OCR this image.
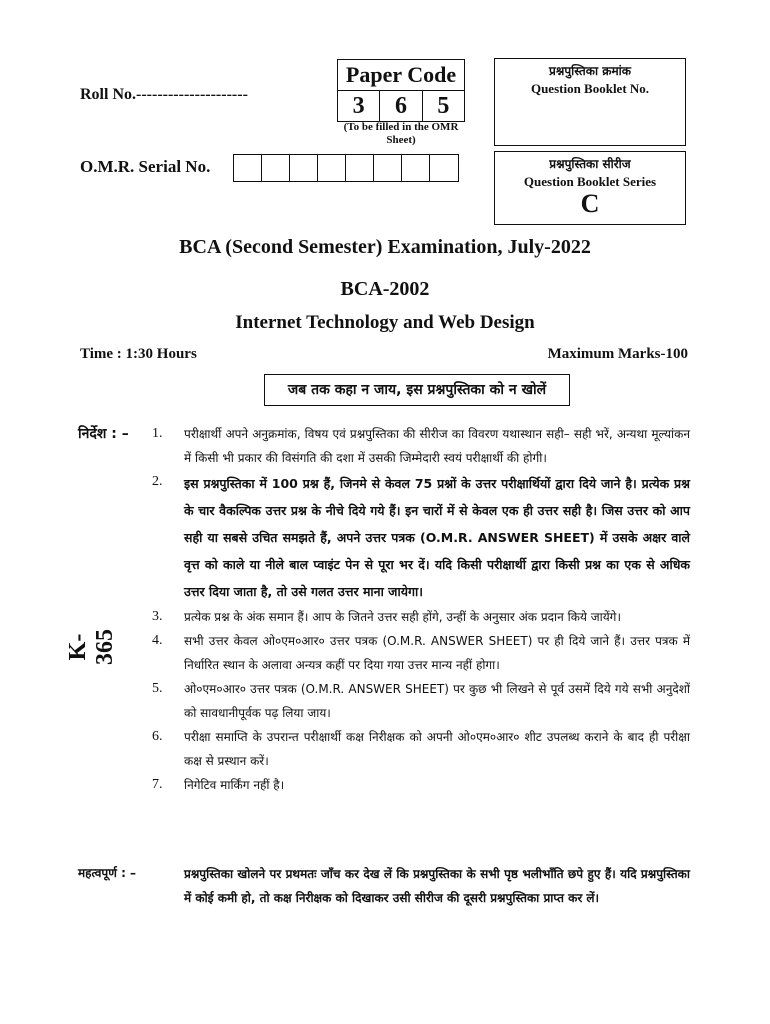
Roll No.---------------------
O.M.R. Serial No.
Paper Code
3	6	5
(To be filled in the OMR Sheet)
प्रश्नपुस्तिका क्रमांक
Question Booklet No.
प्रश्नपुस्तिका सीरीज
Question Booklet Series
C
BCA (Second Semester) Examination, July-2022
BCA-2002
Internet Technology and Web Design
Time : 1:30 Hours	Maximum Marks-100
जब तक कहा न जाय, इस प्रश्नपुस्तिका को न खोलें
K-365
निर्देश : – 1.	परीक्षार्थी अपने अनुक्रमांक, विषय एवं प्रश्नपुस्तिका की सीरीज का विवरण यथास्थान सही– सही भरें, अन्यथा मूल्यांकन में किसी भी प्रकार की विसंगति की दशा में उसकी जिम्मेदारी स्वयं परीक्षार्थी की होगी।
2.	इस प्रश्नपुस्तिका में 100 प्रश्न हैं, जिनमे से केवल 75 प्रश्नों के उत्तर परीक्षार्थियों द्वारा दिये जाने है। प्रत्येक प्रश्न के चार वैकल्पिक उत्तर प्रश्न के नीचे दिये गये हैं। इन चारों में से केवल एक ही उत्तर सही है। जिस उत्तर को आप सही या सबसे उचित समझते हैं, अपने उत्तर पत्रक (O.M.R. ANSWER SHEET) में उसके अक्षर वाले वृत्त को काले या नीले बाल प्वाइंट पेन से पूरा भर दें। यदि किसी परीक्षार्थी द्वारा किसी प्रश्न का एक से अधिक उत्तर दिया जाता है, तो उसे गलत उत्तर माना जायेगा।
3.	प्रत्येक प्रश्न के अंक समान हैं। आप के जितने उत्तर सही होंगे, उन्हीं के अनुसार अंक प्रदान किये जायेंगे।
4.	सभी उत्तर केवल ओ०एम०आर० उत्तर पत्रक (O.M.R. ANSWER SHEET) पर ही दिये जाने हैं। उत्तर पत्रक में निर्धारित स्थान के अलावा अन्यत्र कहीं पर दिया गया उत्तर मान्य नहीं होगा।
5.	ओ०एम०आर० उत्तर पत्रक (O.M.R. ANSWER SHEET) पर कुछ भी लिखने से पूर्व उसमें दिये गये सभी अनुदेशों को सावधानीपूर्वक पढ़ लिया जाय।
6.	परीक्षा समाप्ति के उपरान्त परीक्षार्थी कक्ष निरीक्षक को अपनी ओ०एम०आर० शीट उपलब्ध कराने के बाद ही परीक्षा कक्ष से प्रस्थान करें।
7.	निगेटिव मार्किंग नहीं है।
महत्वपूर्ण : –	प्रश्नपुस्तिका खोलने पर प्रथमतः जाँच कर देख लें कि प्रश्नपुस्तिका के सभी पृष्ठ भलीभाँति छपे हुए हैं। यदि प्रश्नपुस्तिका में कोई कमी हो, तो कक्ष निरीक्षक को दिखाकर उसी सीरीज की दूसरी प्रश्नपुस्तिका प्राप्त कर लें।
